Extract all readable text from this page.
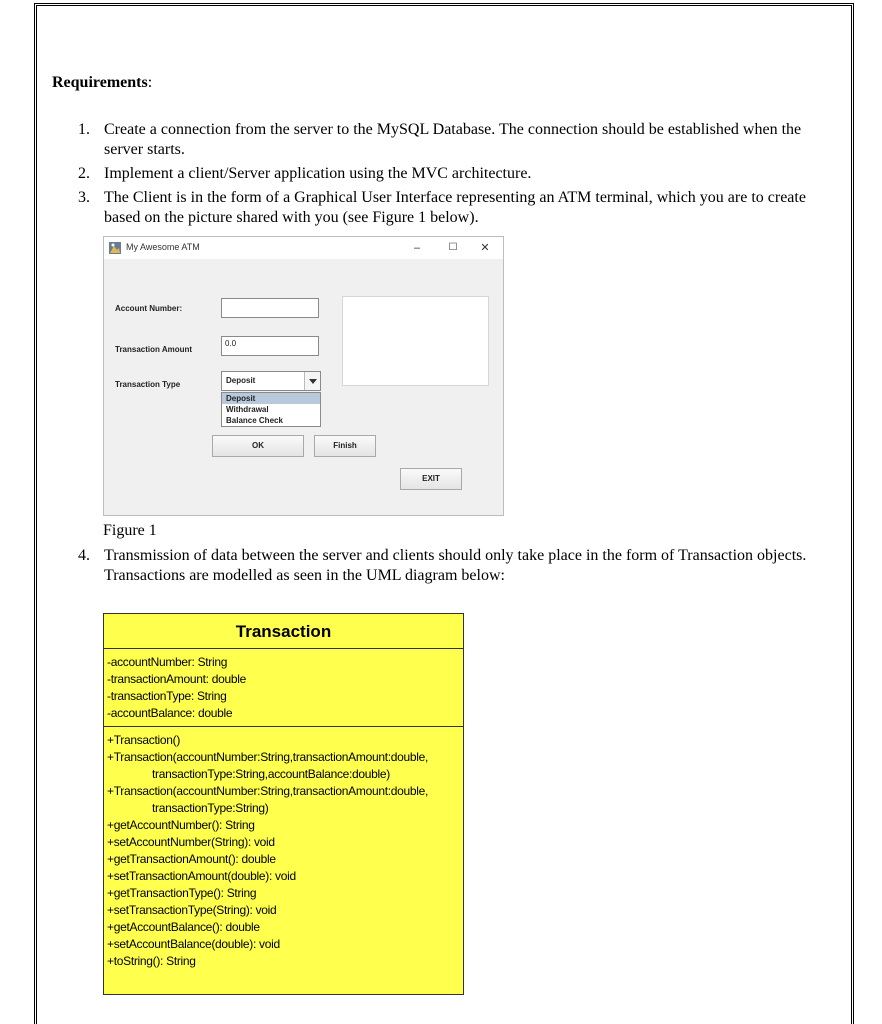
Requirements:
1. Create a connection from the server to the MySQL Database. The connection should be established when the server starts.
2. Implement a client/Server application using the MVC architecture.
3. The Client is in the form of a Graphical User Interface representing an ATM terminal, which you are to create based on the picture shared with you (see Figure 1 below).
My Awesome ATM	–	☐	✕
Account Number:
Transaction Amount
0.0
Transaction Type	Deposit
Deposit
Withdrawal
Balance Check
OK	Finish
EXIT
Figure 1
4. Transmission of data between the server and clients should only take place in the form of Transaction objects. Transactions are modelled as seen in the UML diagram below:
Transaction
-accountNumber: String
-transactionAmount: double
-transactionType: String
-accountBalance: double
+Transaction()
+Transaction(accountNumber:String,transactionAmount:double,
transactionType:String,accountBalance:double)
+Transaction(accountNumber:String,transactionAmount:double,
transactionType:String)
+getAccountNumber(): String
+setAccountNumber(String): void
+getTransactionAmount(): double
+setTransactionAmount(double): void
+getTransactionType(): String
+setTransactionType(String): void
+getAccountBalance(): double
+setAccountBalance(double): void
+toString(): String
